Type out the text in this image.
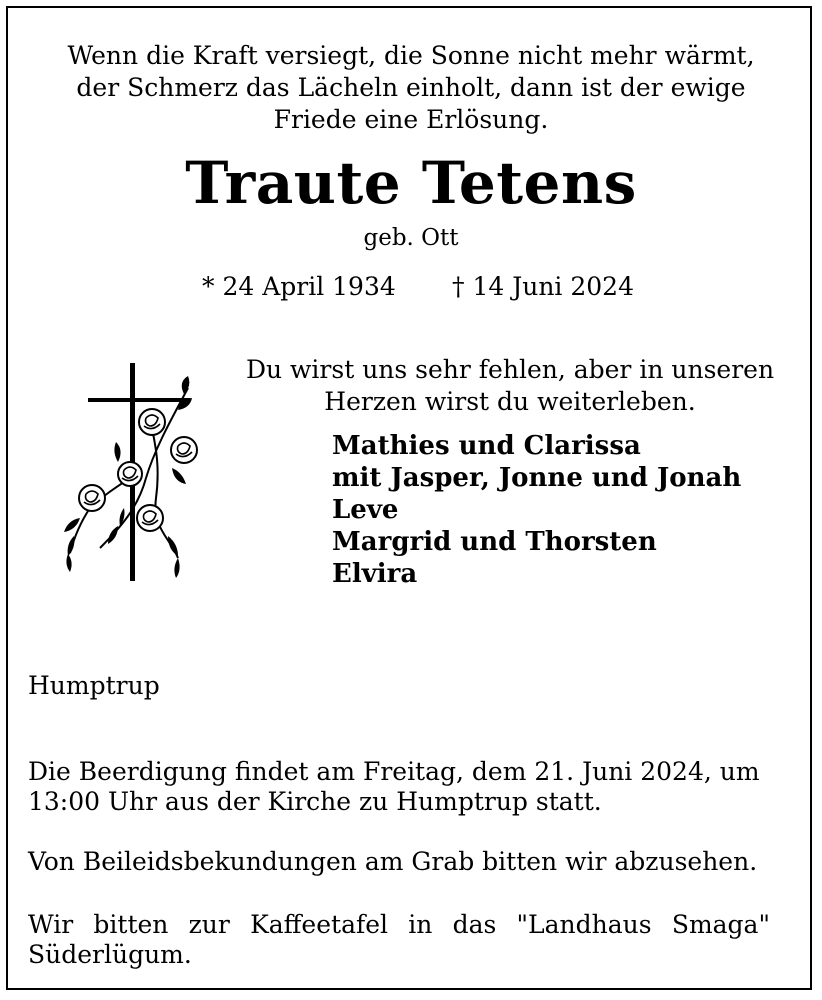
Wenn die Kraft versiegt, die Sonne nicht mehr wärmt,
der Schmerz das Lächeln einholt, dann ist der ewige
Friede eine Erlösung.
Traute Tetens
geb. Ott
* 24 April 1934 † 14 Juni 2024
Du wirst uns sehr fehlen, aber in unseren
Herzen wirst du weiterleben.
Mathies und Clarissa
mit Jasper, Jonne und Jonah
Leve
Margrid und Thorsten
Elvira
Humptrup
Die Beerdigung findet am Freitag, dem 21. Juni 2024, um
13:00 Uhr aus der Kirche zu Humptrup statt.
Von Beileidsbekundungen am Grab bitten wir abzusehen.
Wir bitten zur Kaffeetafel in das "Landhaus Smaga"
Süderlügum.
